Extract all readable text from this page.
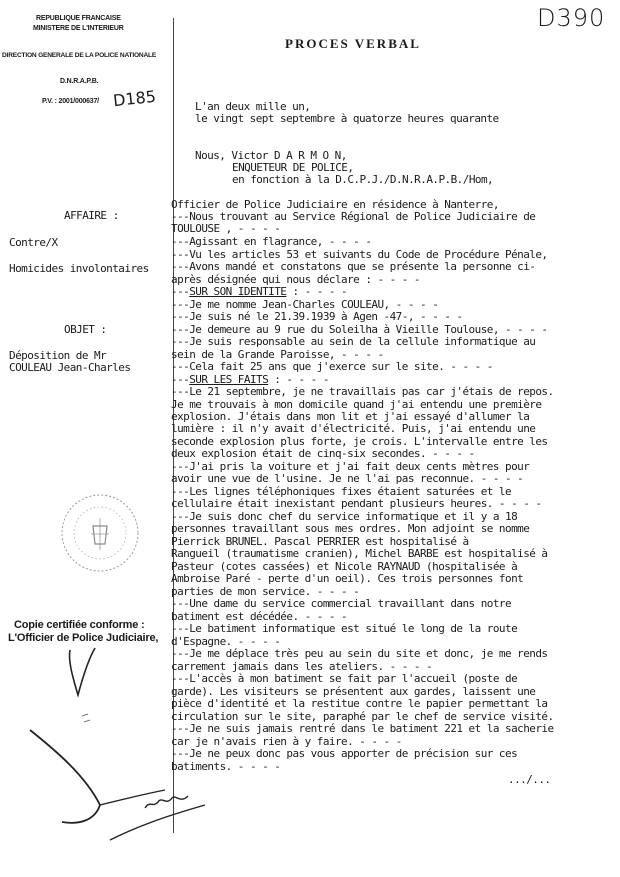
REPUBLIQUE FRANCAISE
MINISTERE DE L'INTERIEUR
DIRECTION GENERALE DE LA POLICE NATIONALE
D.N.R.A.P.B.
P.V. : 2001/000637/ D185
D390
PROCES VERBAL
AFFAIRE :
Contre/X
Homicides involontaires
OBJET :
Déposition de Mr
COULEAU Jean-Charles
L'an deux mille un,
le vingt sept septembre à quatorze heures quarante
Nous, Victor D A R M O N,
ENQUETEUR DE POLICE,
en fonction à la D.C.P.J./D.N.R.A.P.B./Hom,
Officier de Police Judiciaire en résidence à Nanterre,
---Nous trouvant au Service Régional de Police Judiciaire de
TOULOUSE , - - - -
---Agissant en flagrance, - - - -
---Vu les articles 53 et suivants du Code de Procédure Pénale,
---Avons mandé et constatons que se présente la personne ci-
après désignée qui nous déclare : - - - -
---SUR SON IDENTITE : - - - -
---Je me nomme Jean-Charles COULEAU, - - - -
---Je suis né le 21.39.1939 à Agen -47-, - - - -
---Je demeure au 9 rue du Soleilha à Vieille Toulouse, - - - -
---Je suis responsable au sein de la cellule informatique au
sein de la Grande Paroisse, - - - -
---Cela fait 25 ans que j'exerce sur le site. - - - -
---SUR LES FAITS : - - - -
---Le 21 septembre, je ne travaillais pas car j'étais de repos.
Je me trouvais à mon domicile quand j'ai entendu une première
explosion. J'étais dans mon lit et j'ai essayé d'allumer la
lumière : il n'y avait d'électricité. Puis, j'ai entendu une
seconde explosion plus forte, je crois. L'intervalle entre les
deux explosion était de cinq-six secondes. - - - -
---J'ai pris la voiture et j'ai fait deux cents mètres pour
avoir une vue de l'usine. Je ne l'ai pas reconnue. - - - -
---Les lignes téléphoniques fixes étaient saturées et le
cellulaire était inexistant pendant plusieurs heures. - - - -
---Je suis donc chef du service informatique et il y a 18
personnes travaillant sous mes ordres. Mon adjoint se nomme
Pierrick BRUNEL. Pascal PERRIER est hospitalisé à
Rangueil (traumatisme cranien), Michel BARBE est hospitalisé à
Pasteur (cotes cassées) et Nicole RAYNAUD (hospitalisée à
Ambroise Paré - perte d'un oeil). Ces trois personnes font
parties de mon service. - - - -
---Une dame du service commercial travaillant dans notre
batiment est décédée. - - - -
---Le batiment informatique est situé le long de la route
d'Espagne. - - - -
---Je me déplace très peu au sein du site et donc, je me rends
carrement jamais dans les ateliers. - - - -
---L'accès à mon batiment se fait par l'accueil (poste de
garde). Les visiteurs se présentent aux gardes, laissent une
pièce d'identité et la restitue contre le papier permettant la
circulation sur le site, paraphé par le chef de service visité.
---Je ne suis jamais rentré dans le batiment 221 et la sacherie
car je n'avais rien à y faire. - - - -
---Je ne peux donc pas vous apporter de précision sur ces
batiments. - - - -
.../...
Copie certifiée conforme :
L'Officier de Police Judiciaire,
